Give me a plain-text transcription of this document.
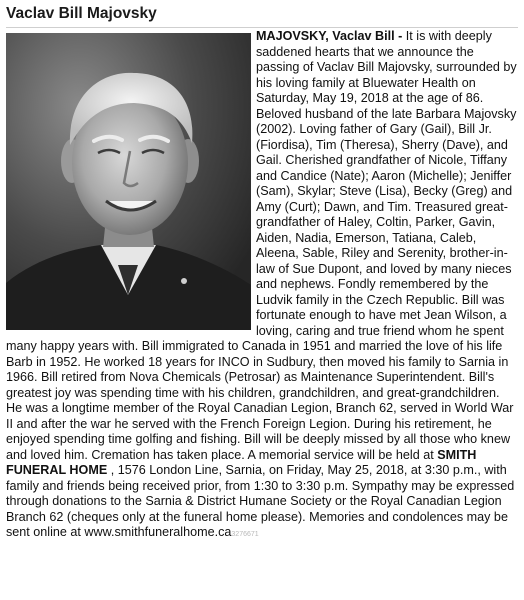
Vaclav Bill Majovsky
MAJOVSKY, Vaclav Bill - It is with deeply saddened hearts that we announce the passing of Vaclav Bill Majovsky, surrounded by his loving family at Bluewater Health on Saturday, May 19, 2018 at the age of 86. Beloved husband of the late Barbara Majovsky (2002). Loving father of Gary (Gail), Bill Jr. (Fiordisa), Tim (Theresa), Sherry (Dave), and Gail. Cherished grandfather of Nicole, Tiffany and Candice (Nate); Aaron (Michelle); Jeniffer (Sam), Skylar; Steve (Lisa), Becky (Greg) and Amy (Curt); Dawn, and Tim. Treasured great-grandfather of Haley, Coltin, Parker, Gavin, Aiden, Nadia, Emerson, Tatiana, Caleb, Aleena, Sable, Riley and Serenity, brother-in-law of Sue Dupont, and loved by many nieces and nephews. Fondly remembered by the Ludvik family in the Czech Republic. Bill was fortunate enough to have met Jean Wilson, a loving, caring and true friend whom he spent many happy years with. Bill immigrated to Canada in 1951 and married the love of his life Barb in 1952. He worked 18 years for INCO in Sudbury, then moved his family to Sarnia in 1966. Bill retired from Nova Chemicals (Petrosar) as Maintenance Superintendent. Bill's greatest joy was spending time with his children, grandchildren, and great-grandchildren. He was a longtime member of the Royal Canadian Legion, Branch 62, served in World War II and after the war he served with the French Foreign Legion. During his retirement, he enjoyed spending time golfing and fishing. Bill will be deeply missed by all those who knew and loved him. Cremation has taken place. A memorial service will be held at SMITH FUNERAL HOME , 1576 London Line, Sarnia, on Friday, May 25, 2018, at 3:30 p.m., with family and friends being received prior, from 1:30 to 3:30 p.m. Sympathy may be expressed through donations to the Sarnia & District Humane Society or the Royal Canadian Legion Branch 62 (cheques only at the funeral home please). Memories and condolences may be sent online at www.smithfuneralhome.ca3276671
